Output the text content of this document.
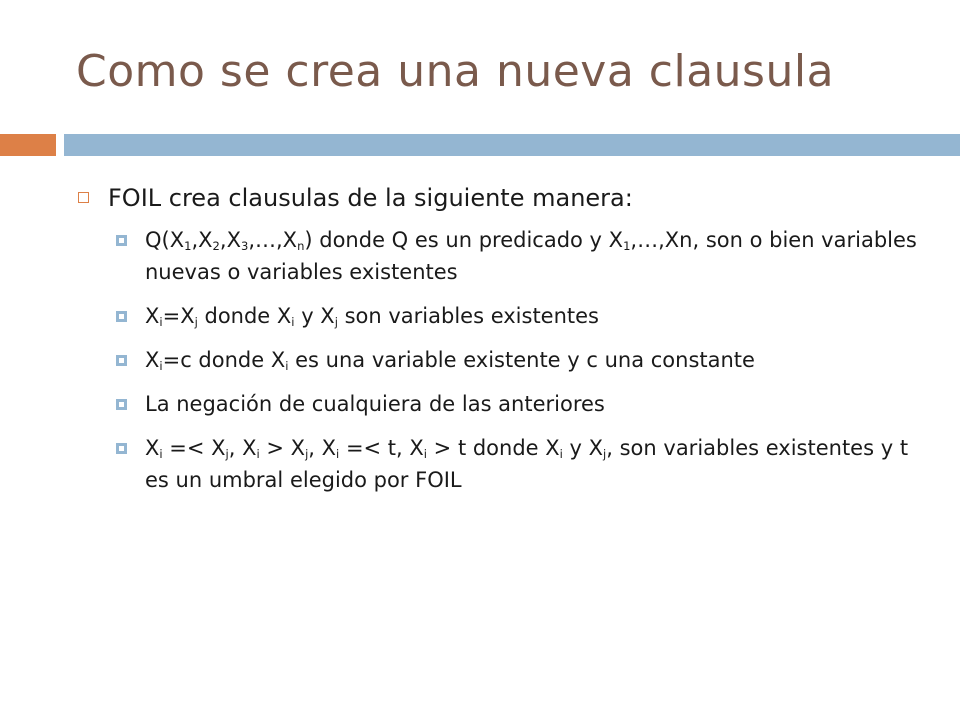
Como se crea una nueva clausula
FOIL crea clausulas de la siguiente manera:
$Q(X_1,X_2,X_3,\dots,X_n)$ donde Q es un predicado y $X_1,\dots,Xn$, son o bien variables nuevas o variables existentes
$X_i=X_j$ donde $X_i$ y $X_j$ son variables existentes
$X_i=c$ donde $X_i$ es una variable existente y c una constante
La negación de cualquiera de las anteriores
$X_i =< X_j$, $X_i > X_j$, $X_i =< t$, $X_i > t$ donde $X_i$ y $X_j$, son variables existentes y t es un umbral elegido por FOIL
